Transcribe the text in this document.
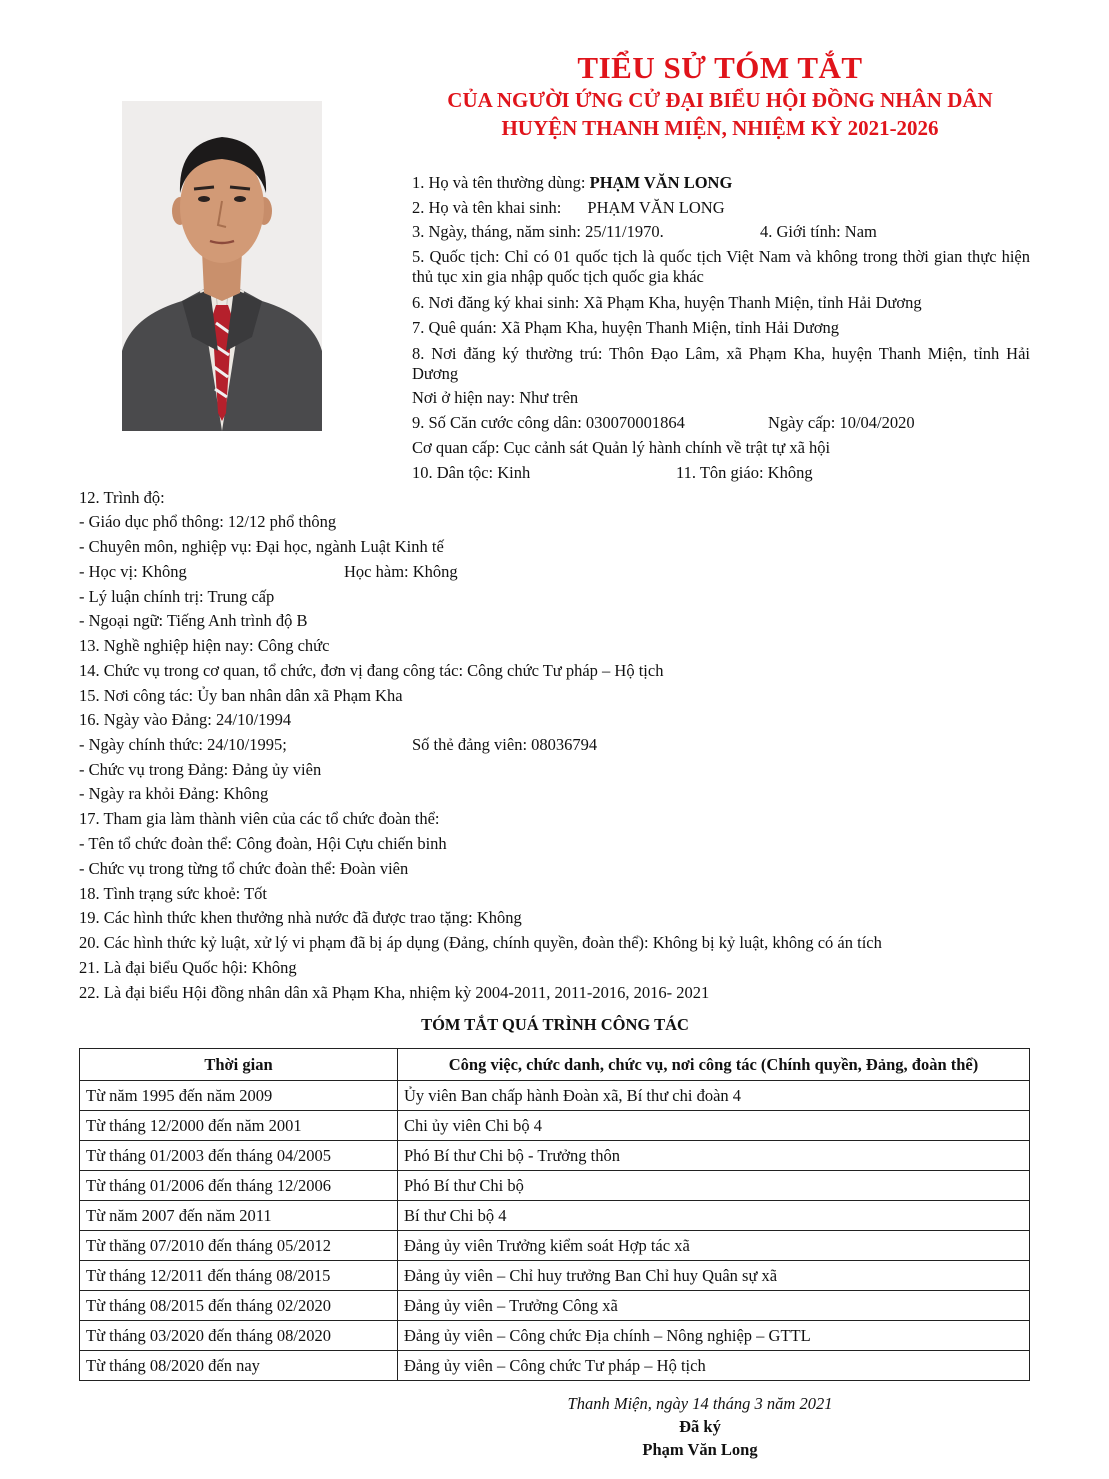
TIỂU SỬ TÓM TẮT
CỦA NGƯỜI ỨNG CỬ ĐẠI BIỂU HỘI ĐỒNG NHÂN DÂN
HUYỆN THANH MIỆN, NHIỆM KỲ 2021-2026
1. Họ và tên thường dùng: PHẠM VĂN LONG
2. Họ và tên khai sinh: PHẠM VĂN LONG
3. Ngày, tháng, năm sinh: 25/11/1970.	4. Giới tính: Nam
5. Quốc tịch: Chỉ có 01 quốc tịch là quốc tịch Việt Nam và không trong thời gian thực hiện thủ tục xin gia nhập quốc tịch quốc gia khác
6. Nơi đăng ký khai sinh: Xã Phạm Kha, huyện Thanh Miện, tỉnh Hải Dương
7. Quê quán: Xã Phạm Kha, huyện Thanh Miện, tỉnh Hải Dương
8. Nơi đăng ký thường trú: Thôn Đạo Lâm, xã Phạm Kha, huyện Thanh Miện, tỉnh Hải Dương
Nơi ở hiện nay: Như trên
9. Số Căn cước công dân: 030070001864	Ngày cấp: 10/04/2020
Cơ quan cấp: Cục cảnh sát Quản lý hành chính về trật tự xã hội
10. Dân tộc: Kinh	11. Tôn giáo: Không
12. Trình độ:
- Giáo dục phổ thông: 12/12 phổ thông
- Chuyên môn, nghiệp vụ: Đại học, ngành Luật Kinh tế
- Học vị: Không	Học hàm: Không
- Lý luận chính trị: Trung cấp
- Ngoại ngữ: Tiếng Anh trình độ B
13. Nghề nghiệp hiện nay: Công chức
14. Chức vụ trong cơ quan, tổ chức, đơn vị đang công tác: Công chức Tư pháp – Hộ tịch
15. Nơi công tác: Ủy ban nhân dân xã Phạm Kha
16. Ngày vào Đảng: 24/10/1994
- Ngày chính thức: 24/10/1995;	Số thẻ đảng viên: 08036794
- Chức vụ trong Đảng: Đảng ủy viên
- Ngày ra khỏi Đảng: Không
17. Tham gia làm thành viên của các tổ chức đoàn thể:
- Tên tổ chức đoàn thể: Công đoàn, Hội Cựu chiến binh
- Chức vụ trong từng tổ chức đoàn thể: Đoàn viên
18. Tình trạng sức khoẻ: Tốt
19. Các hình thức khen thưởng nhà nước đã được trao tặng: Không
20. Các hình thức kỷ luật, xử lý vi phạm đã bị áp dụng (Đảng, chính quyền, đoàn thể): Không bị kỷ luật, không có án tích
21. Là đại biểu Quốc hội: Không
22. Là đại biểu Hội đồng nhân dân xã Phạm Kha, nhiệm kỳ 2004-2011, 2011-2016, 2016- 2021
TÓM TẮT QUÁ TRÌNH CÔNG TÁC
Thời gian	Công việc, chức danh, chức vụ, nơi công tác (Chính quyền, Đảng, đoàn thể)
Từ năm 1995 đến năm 2009	Ủy viên Ban chấp hành Đoàn xã, Bí thư chi đoàn 4
Từ tháng 12/2000 đến năm 2001	Chi ủy viên Chi bộ 4
Từ tháng 01/2003 đến tháng 04/2005	Phó Bí thư Chi bộ - Trưởng thôn
Từ tháng 01/2006 đến tháng 12/2006	Phó Bí thư Chi bộ
Từ năm 2007 đến năm 2011	Bí thư Chi bộ 4
Từ thăng 07/2010 đến tháng 05/2012	Đảng ủy viên Trưởng kiểm soát Hợp tác xã
Từ tháng 12/2011 đến tháng 08/2015	Đảng ủy viên – Chỉ huy trưởng Ban Chỉ huy Quân sự xã
Từ tháng 08/2015 đến tháng 02/2020	Đảng ủy viên – Trưởng Công xã
Từ tháng 03/2020 đến tháng 08/2020	Đảng ủy viên – Công chức Địa chính – Nông nghiệp – GTTL
Từ tháng 08/2020 đến nay	Đảng ủy viên – Công chức Tư pháp – Hộ tịch
Thanh Miện, ngày 14 tháng 3 năm 2021
Đã ký
Phạm Văn Long
